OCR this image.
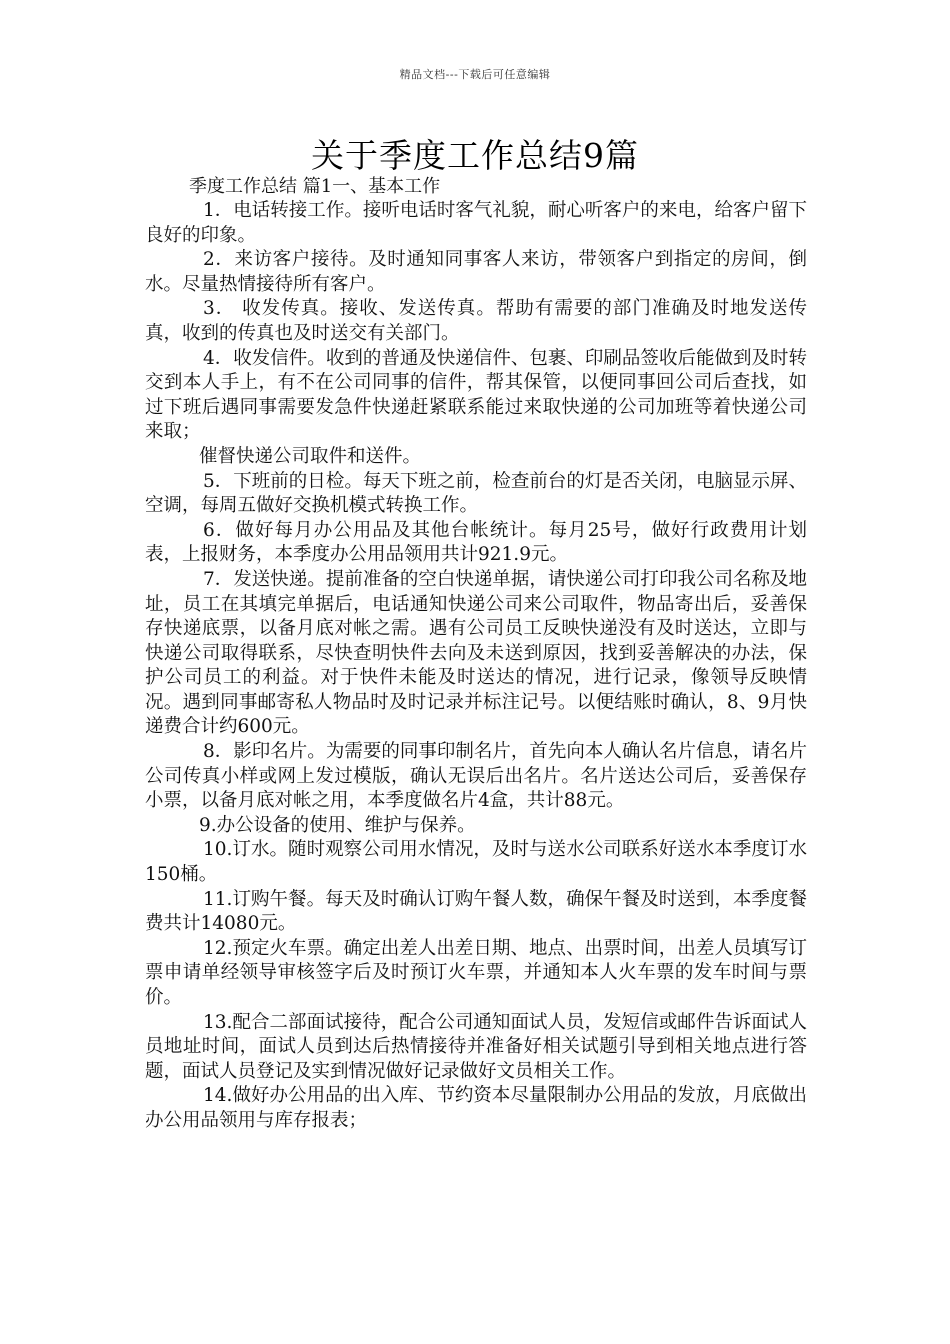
精品文档---下载后可任意编辑
关于季度工作总结9篇

季度工作总结 篇1一、基本工作

1．电话转接工作。接听电话时客气礼貌，耐心听客户的来电，给客户留下良好的印象。

2．来访客户接待。及时通知同事客人来访，带领客户到指定的房间，倒水。尽量热情接待所有客户。

3． 收发传真。接收、发送传真。帮助有需要的部门准确及时地发送传真，收到的传真也及时送交有关部门。

4．收发信件。收到的普通及快递信件、包裹、印刷品签收后能做到及时转交到本人手上，有不在公司同事的信件，帮其保管，以便同事回公司后查找，如过下班后遇同事需要发急件快递赶紧联系能过来取快递的公司加班等着快递公司来取；

催督快递公司取件和送件。

5．下班前的日检。每天下班之前，检查前台的灯是否关闭，电脑显示屏、空调，每周五做好交换机模式转换工作。

6．做好每月办公用品及其他台帐统计。每月25号，做好行政费用计划表，上报财务，本季度办公用品领用共计921.9元。

7．发送快递。提前准备的空白快递单据，请快递公司打印我公司名称及地址，员工在其填完单据后，电话通知快递公司来公司取件，物品寄出后，妥善保存快递底票，以备月底对帐之需。遇有公司员工反映快递没有及时送达，立即与快递公司取得联系，尽快查明快件去向及未送到原因，找到妥善解决的办法，保护公司员工的利益。对于快件未能及时送达的情况，进行记录，像领导反映情况。遇到同事邮寄私人物品时及时记录并标注记号。以便结账时确认，8、9月快递费合计约600元。

8．影印名片。为需要的同事印制名片，首先向本人确认名片信息，请名片公司传真小样或网上发过模版，确认无误后出名片。名片送达公司后，妥善保存小票，以备月底对帐之用，本季度做名片4盒，共计88元。

9.办公设备的使用、维护与保养。

10.订水。随时观察公司用水情况，及时与送水公司联系好送水本季度订水150桶。

11.订购午餐。每天及时确认订购午餐人数，确保午餐及时送到，本季度餐费共计14080元。

12.预定火车票。确定出差人出差日期、地点、出票时间，出差人员填写订票申请单经领导审核签字后及时预订火车票，并通知本人火车票的发车时间与票价。

13.配合二部面试接待，配合公司通知面试人员，发短信或邮件告诉面试人员地址时间，面试人员到达后热情接待并准备好相关试题引导到相关地点进行答题，面试人员登记及实到情况做好记录做好文员相关工作。

14.做好办公用品的出入库、节约资本尽量限制办公用品的发放，月底做出办公用品领用与库存报表；
